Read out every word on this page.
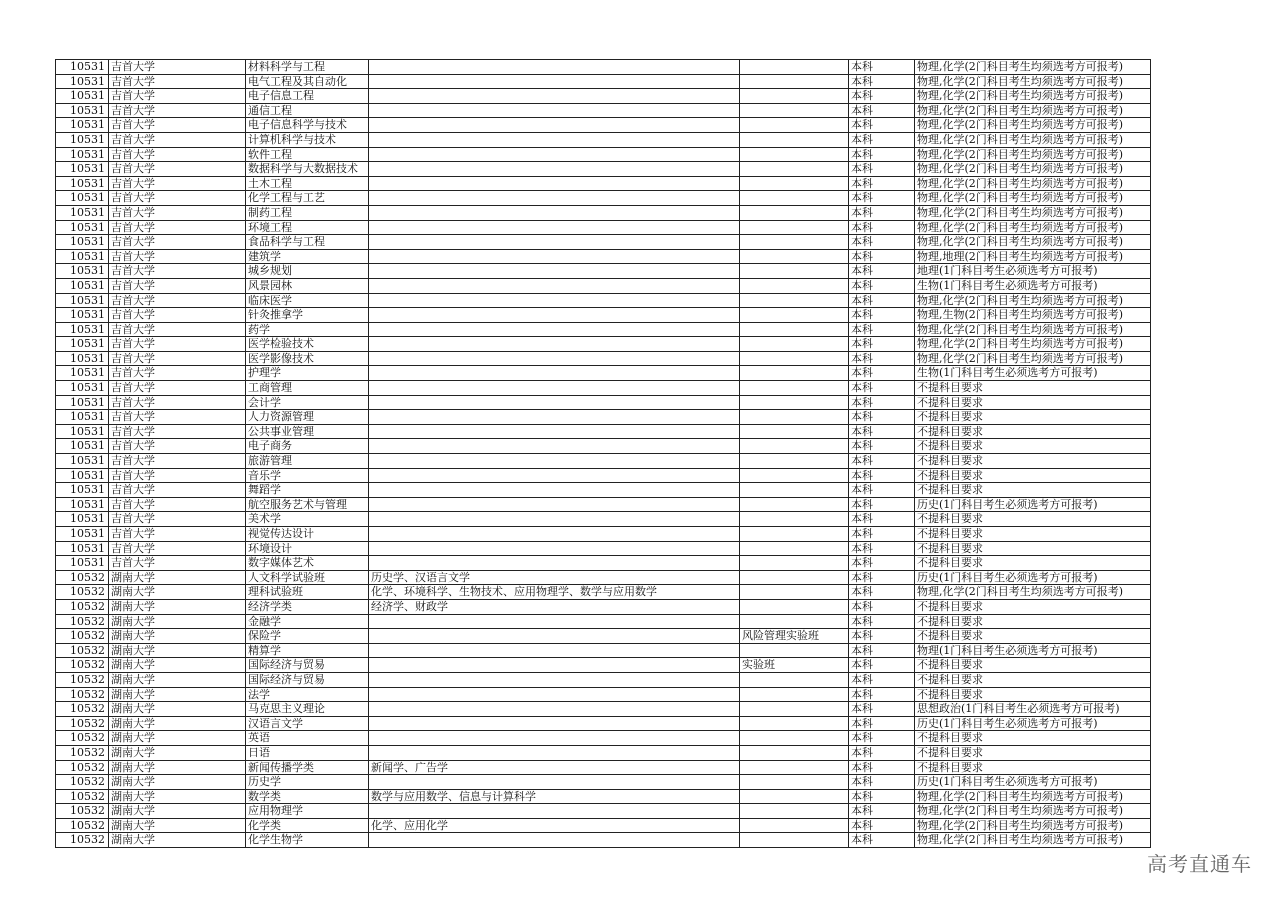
10531	吉首大学	材料科学与工程			本科	物理,化学(2门科目考生均须选考方可报考)
10531	吉首大学	电气工程及其自动化			本科	物理,化学(2门科目考生均须选考方可报考)
10531	吉首大学	电子信息工程			本科	物理,化学(2门科目考生均须选考方可报考)
10531	吉首大学	通信工程			本科	物理,化学(2门科目考生均须选考方可报考)
10531	吉首大学	电子信息科学与技术			本科	物理,化学(2门科目考生均须选考方可报考)
10531	吉首大学	计算机科学与技术			本科	物理,化学(2门科目考生均须选考方可报考)
10531	吉首大学	软件工程			本科	物理,化学(2门科目考生均须选考方可报考)
10531	吉首大学	数据科学与大数据技术			本科	物理,化学(2门科目考生均须选考方可报考)
10531	吉首大学	土木工程			本科	物理,化学(2门科目考生均须选考方可报考)
10531	吉首大学	化学工程与工艺			本科	物理,化学(2门科目考生均须选考方可报考)
10531	吉首大学	制药工程			本科	物理,化学(2门科目考生均须选考方可报考)
10531	吉首大学	环境工程			本科	物理,化学(2门科目考生均须选考方可报考)
10531	吉首大学	食品科学与工程			本科	物理,化学(2门科目考生均须选考方可报考)
10531	吉首大学	建筑学			本科	物理,地理(2门科目考生均须选考方可报考)
10531	吉首大学	城乡规划			本科	地理(1门科目考生必须选考方可报考)
10531	吉首大学	风景园林			本科	生物(1门科目考生必须选考方可报考)
10531	吉首大学	临床医学			本科	物理,化学(2门科目考生均须选考方可报考)
10531	吉首大学	针灸推拿学			本科	物理,生物(2门科目考生均须选考方可报考)
10531	吉首大学	药学			本科	物理,化学(2门科目考生均须选考方可报考)
10531	吉首大学	医学检验技术			本科	物理,化学(2门科目考生均须选考方可报考)
10531	吉首大学	医学影像技术			本科	物理,化学(2门科目考生均须选考方可报考)
10531	吉首大学	护理学			本科	生物(1门科目考生必须选考方可报考)
10531	吉首大学	工商管理			本科	不提科目要求
10531	吉首大学	会计学			本科	不提科目要求
10531	吉首大学	人力资源管理			本科	不提科目要求
10531	吉首大学	公共事业管理			本科	不提科目要求
10531	吉首大学	电子商务			本科	不提科目要求
10531	吉首大学	旅游管理			本科	不提科目要求
10531	吉首大学	音乐学			本科	不提科目要求
10531	吉首大学	舞蹈学			本科	不提科目要求
10531	吉首大学	航空服务艺术与管理			本科	历史(1门科目考生必须选考方可报考)
10531	吉首大学	美术学			本科	不提科目要求
10531	吉首大学	视觉传达设计			本科	不提科目要求
10531	吉首大学	环境设计			本科	不提科目要求
10531	吉首大学	数字媒体艺术			本科	不提科目要求
10532	湖南大学	人文科学试验班	历史学、汉语言文学		本科	历史(1门科目考生必须选考方可报考)
10532	湖南大学	理科试验班	化学、环境科学、生物技术、应用物理学、数学与应用数学		本科	物理,化学(2门科目考生均须选考方可报考)
10532	湖南大学	经济学类	经济学、财政学		本科	不提科目要求
10532	湖南大学	金融学			本科	不提科目要求
10532	湖南大学	保险学		风险管理实验班	本科	不提科目要求
10532	湖南大学	精算学			本科	物理(1门科目考生必须选考方可报考)
10532	湖南大学	国际经济与贸易		实验班	本科	不提科目要求
10532	湖南大学	国际经济与贸易			本科	不提科目要求
10532	湖南大学	法学			本科	不提科目要求
10532	湖南大学	马克思主义理论			本科	思想政治(1门科目考生必须选考方可报考)
10532	湖南大学	汉语言文学			本科	历史(1门科目考生必须选考方可报考)
10532	湖南大学	英语			本科	不提科目要求
10532	湖南大学	日语			本科	不提科目要求
10532	湖南大学	新闻传播学类	新闻学、广告学		本科	不提科目要求
10532	湖南大学	历史学			本科	历史(1门科目考生必须选考方可报考)
10532	湖南大学	数学类	数学与应用数学、信息与计算科学		本科	物理,化学(2门科目考生均须选考方可报考)
10532	湖南大学	应用物理学			本科	物理,化学(2门科目考生均须选考方可报考)
10532	湖南大学	化学类	化学、应用化学		本科	物理,化学(2门科目考生均须选考方可报考)
10532	湖南大学	化学生物学			本科	物理,化学(2门科目考生均须选考方可报考)
高考直通车
